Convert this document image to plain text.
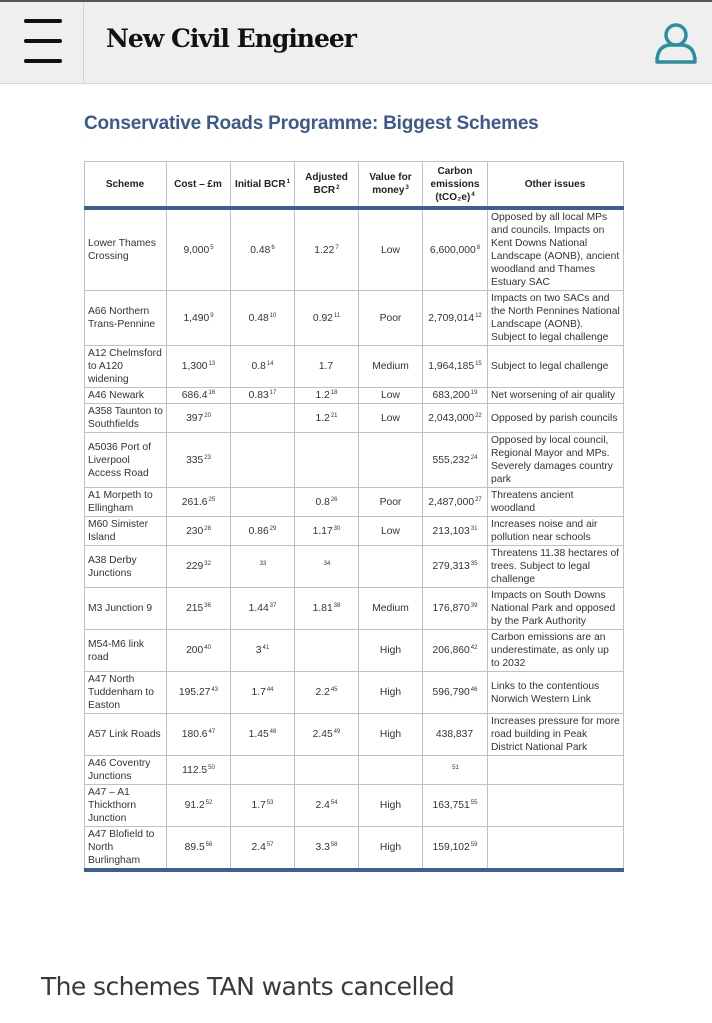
New Civil Engineer
Conservative Roads Programme: Biggest Schemes
Scheme	Cost – £m	Initial BCR$^1$	Adjusted BCR$^2$	Value for money$^3$	Carbon emissions $(tCO_2e)^4$	Other issues
Lower Thames Crossing	9,000$^5$	0.48$^6$	1.22$^7$	Low	6,600,000$^8$	Opposed by all local MPs and councils. Impacts on Kent Downs National Landscape (AONB), ancient woodland and Thames Estuary SAC
A66 Northern Trans-Pennine	1,490$^9$	0.48$^{10}$	0.92$^{11}$	Poor	2,709,014$^{12}$	Impacts on two SACs and the North Pennines National Landscape (AONB). Subject to legal challenge
A12 Chelmsford to A120 widening	1,300$^{13}$	$0.8^{14}$	1.7	Medium	1,964,185$^{15}$	Subject to legal challenge
A46 Newark	686.4$^{16}$	0.83$^{17}$	$1.2^{18}$	Low	683,200$^{19}$	Net worsening of air quality
A358 Taunton to Southfields	$397^{20}$		$1.2^{21}$	Low	2,043,000$^{22}$	Opposed by parish councils
A5036 Port of Liverpool Access Road	$335^{23}$				555,232$^{24}$	Opposed by local council, Regional Mayor and MPs. Severely damages country park
A1 Morpeth to Ellingham	261.6$^{25}$		$0.8^{26}$	Poor	2,487,000$^{27}$	Threatens ancient woodland
M60 Simister Island	$230^{28}$	0.86$^{29}$	1.17$^{30}$	Low	213,103$^{31}$	Increases noise and air pollution near schools
A38 Derby Junctions	$229^{32}$	$^{33}$	$^{34}$		279,313$^{35}$	Threatens 11.38 hectares of trees. Subject to legal challenge
M3 Junction 9	$215^{36}$	1.44$^{37}$	1.81$^{38}$	Medium	176,870$^{39}$	Impacts on South Downs National Park and opposed by the Park Authority
M54-M6 link road	$200^{40}$	$3^{41}$		High	206,860$^{42}$	Carbon emissions are an underestimate, as only up to 2032
A47 North Tuddenham to Easton	195.27$^{43}$	$1.7^{44}$	$2.2^{45}$	High	596,790$^{46}$	Links to the contentious Norwich Western Link
A57 Link Roads	180.6$^{47}$	1.45$^{48}$	2.45$^{49}$	High	438,837	Increases pressure for more road building in Peak District National Park
A46 Coventry Junctions	112.5$^{50}$				$^{51}$	
A47 – A1 Thickthorn Junction	91.2$^{52}$	$1.7^{53}$	$2.4^{54}$	High	163,751$^{55}$	
A47 Blofield to North Burlingham	89.5$^{56}$	$2.4^{57}$	$3.3^{58}$	High	159,102$^{59}$	
The schemes TAN wants cancelled
